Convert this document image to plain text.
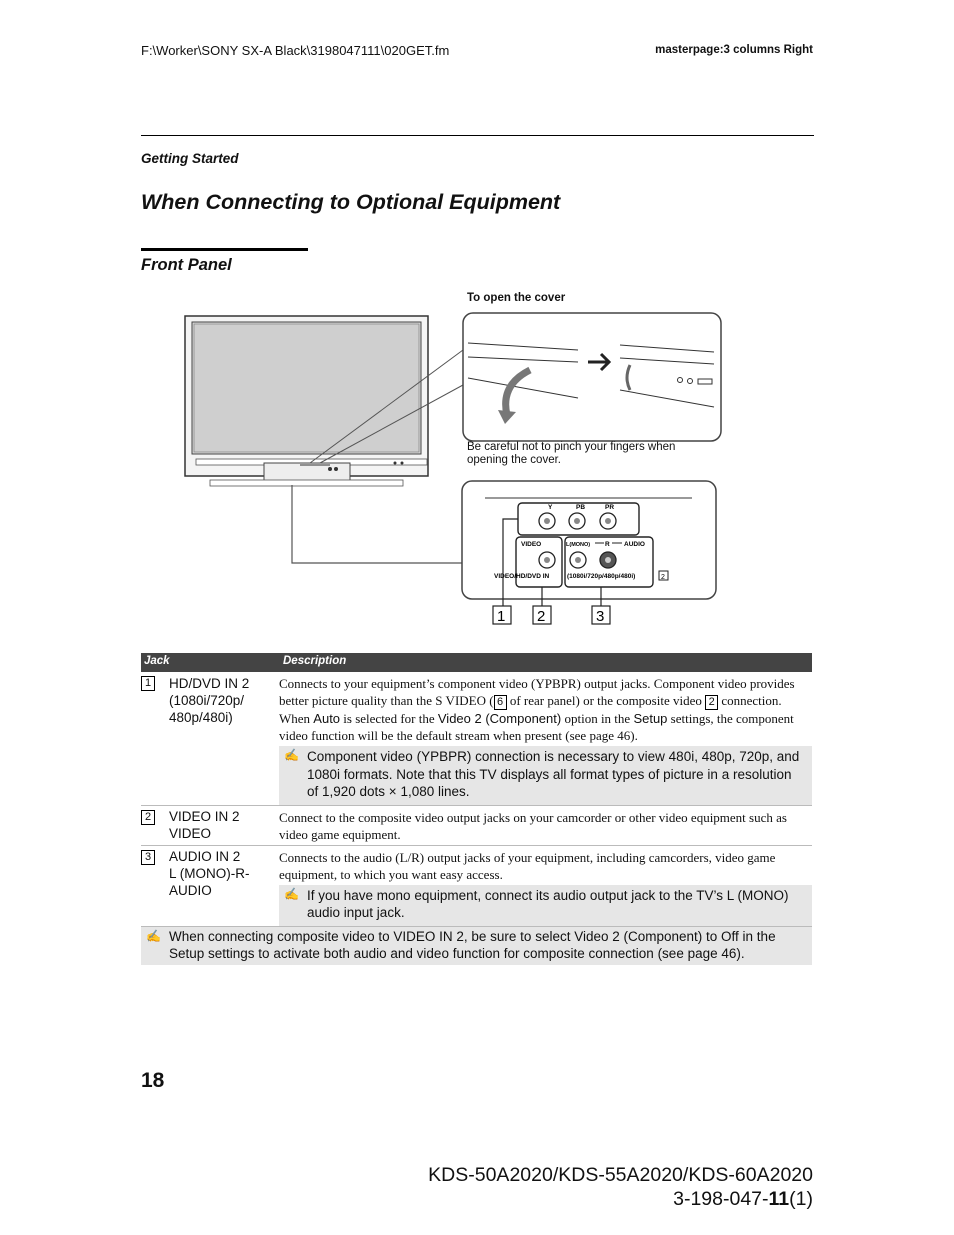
F:\Worker\SONY SX-A Black\3198047111\020GET.fm	masterpage:3 columns Right
Getting Started
When Connecting to Optional Equipment
Front Panel
To open the cover
Be careful not to pinch your fingers when opening the cover.
Y	PB	PR
VIDEO	L(MONO) R AUDIO
VIDEO/HD/DVD IN	(1080i/720p/480p/480i)	2
1 2	3
Jack	Description
1 HD/DVD IN 2
(1080i/720p/
480p/480i)
Connects to your equipment’s component video (YPBPR) output jacks. Component video provides better picture quality than the S VIDEO ( 6 of rear panel) or the composite video 2 connection. When Auto is selected for the Video 2 (Component) option in the Setup settings, the component video function will be the default stream when present (see page 46).
✍ Component video (YPBPR) connection is necessary to view 480i, 480p, 720p, and 1080i formats. Note that this TV displays all format types of picture in a resolution of 1,920 dots × 1,080 lines.
2 VIDEO IN 2
VIDEO
Connect to the composite video output jacks on your camcorder or other video equipment such as video game equipment.
3 AUDIO IN 2
L (MONO)-R-
AUDIO
Connects to the audio (L/R) output jacks of your equipment, including camcorders, video game equipment, to which you want easy access.
✍ If you have mono equipment, connect its audio output jack to the TV’s L (MONO) audio input jack.
✍ When connecting composite video to VIDEO IN 2, be sure to select Video 2 (Component) to Off in the Setup settings to activate both audio and video function for composite connection (see page 46).
18
KDS-50A2020/KDS-55A2020/KDS-60A2020
3-198-047-11(1)
